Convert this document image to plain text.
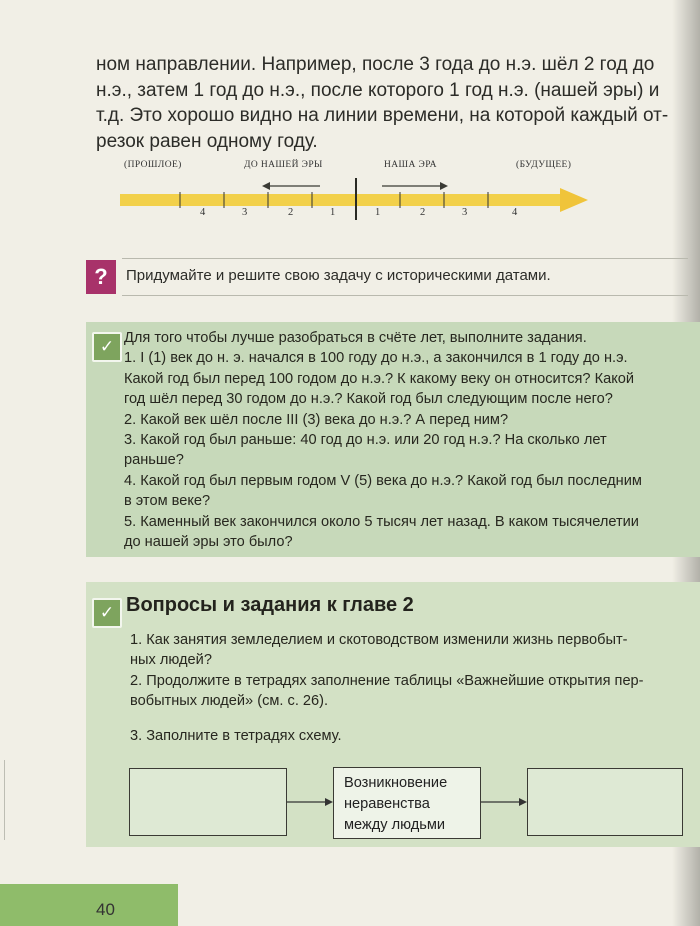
ном направлении. Например, после 3 года до н.э. шёл 2 год до
н.э., затем 1 год до н.э., после которого 1 год н.э. (нашей эры) и
т.д. Это хорошо видно на линии времени, на которой каждый от-
резок равен одному году.

(ПРОШЛОЕ)	ДО НАШЕЙ ЭРЫ	НАША ЭРА	(БУДУЩЕЕ)
4	3	2	1	1	2	3	4
?	Придумайте и решите свою задачу с историческими датами.
✓ Для того чтобы лучше разобраться в счёте лет, выполните задания.

1. I (1) век до н. э. начался в 100 году до н.э., а закончился в 1 году до н.э.

Какой год был перед 100 годом до н.э.? К какому веку он относится? Какой

год шёл перед 30 годом до н.э.? Какой год был следующим после него?

2. Какой век шёл после III (3) века до н.э.? А перед ним?

3. Какой год был раньше: 40 год до н.э. или 20 год н.э.? На сколько лет

раньше?

4. Какой год был первым годом V (5) века до н.э.? Какой год был последним

в этом веке?

5. Каменный век закончился около 5 тысяч лет назад. В каком тысячелетии

до нашей эры это было?

✓ Вопросы и задания к главе 2

1. Как занятия земледелием и скотоводством изменили жизнь первобыт-

ных людей?

2. Продолжите в тетрадях заполнение таблицы «Важнейшие открытия пер-

вобытных людей» (см. с. 26).

3. Заполните в тетрадях схему.

Возникновение
неравенства
между людьми
40
